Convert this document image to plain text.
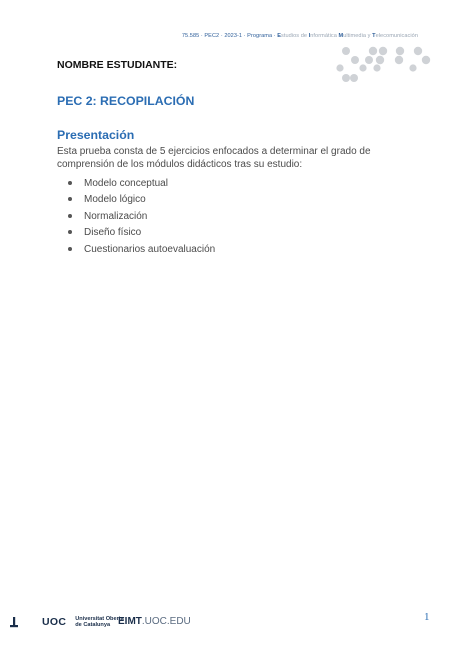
75.585 · PEC2 · 2023-1 · Programa · Estudios de Informática Multimedia y Telecomunicación
NOMBRE ESTUDIANTE:
PEC 2: RECOPILACIÓN
Presentación
Esta prueba consta de 5 ejercicios enfocados a determinar el grado de comprensión de los módulos didácticos tras su estudio:
Modelo conceptual
Modelo lógico
Normalización
Diseño físico
Cuestionarios autoevaluación
1
UOC Universitat Oberta
de Catalunya EIMT.UOC.EDU
